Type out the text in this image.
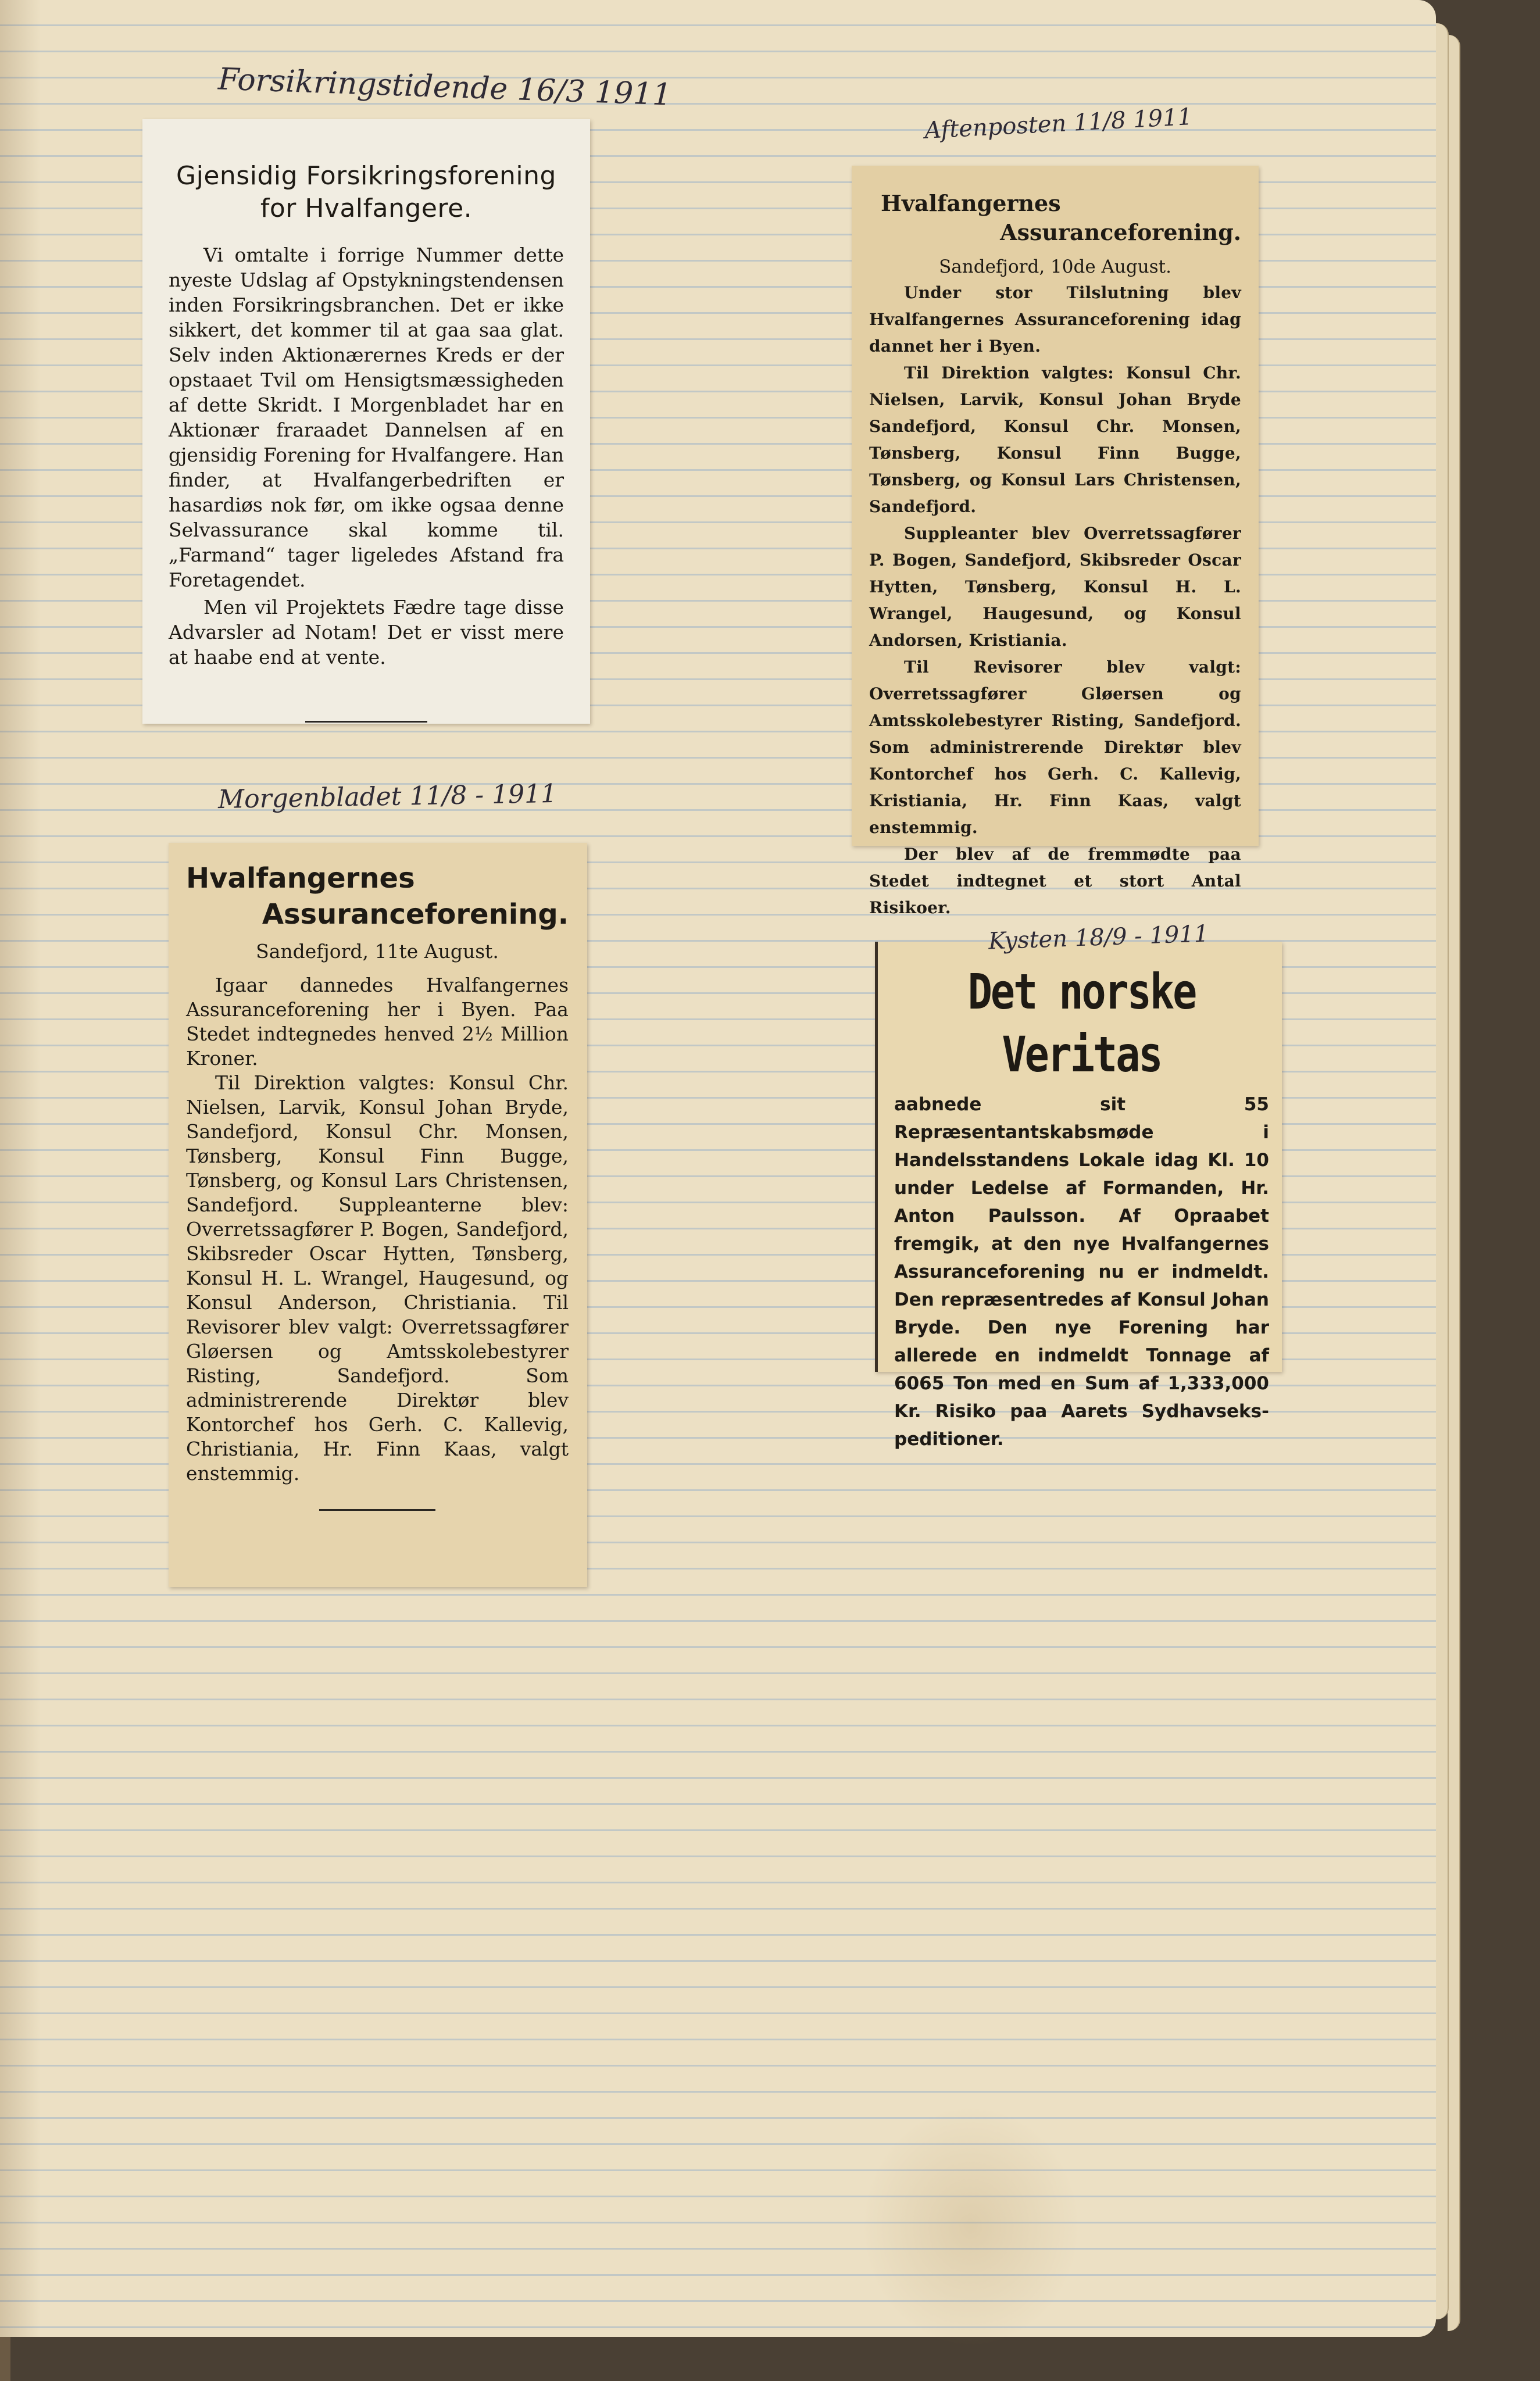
Forsikringstidende 16/3 1911
Aftenposten 11/8 1911
Morgenbladet 11/8 - 1911
Kysten 18/9 - 1911
Gjensidig Forsikringsforening
for Hvalfangere.

Vi omtalte i forrige Nummer dette nyeste Udslag af Opstykningstendensen inden Forsikringsbranchen. Det er ikke sikkert, det kommer til at gaa saa glat. Selv inden Aktionærernes Kreds er der opstaaet Tvil om Hensigtsmæssigheden af dette Skridt. I Morgenbladet har en Aktionær fraraadet Dannelsen af en gjensidig Forening for Hvalfangere. Han finder, at Hvalfangerbedriften er hasardiøs nok før, om ikke ogsaa denne Selvassurance skal komme til. „Farmand“ tager ligeledes Afstand fra Foretagendet.

Men vil Projektets Fædre tage disse Advarsler ad Notam! Det er visst mere at haabe end at vente.

Hvalfangernes
Assuranceforening.
Sandefjord, 10de August.

Under stor Tilslutning blev Hvalfangernes Assuranceforening idag dannet her i Byen.

Til Direktion valgtes: Konsul Chr. Nielsen, Larvik, Konsul Johan Bryde Sandefjord, Konsul Chr. Monsen, Tønsberg, Konsul Finn Bugge, Tønsberg, og Konsul Lars Christensen, Sandefjord.

Suppleanter blev Overretssagfører P. Bogen, Sandefjord, Skibsreder Oscar Hytten, Tønsberg, Konsul H. L. Wrangel, Haugesund, og Konsul Andorsen, Kristiania.

Til Revisorer blev valgt: Overretssagfører Gløersen og Amtsskolebestyrer Risting, Sandefjord. Som administrerende Direktør blev Kontorchef hos Gerh. C. Kallevig, Kristiania, Hr. Finn Kaas, valgt enstemmig.

Der blev af de fremmødte paa Stedet indtegnet et stort Antal Risikoer.

Hvalfangernes
Assuranceforening.
Sandefjord, 11te August.

Igaar dannedes Hvalfangernes Assuranceforening her i Byen. Paa Stedet indtegnedes henved 2½ Million Kroner.

Til Direktion valgtes: Konsul Chr. Nielsen, Larvik, Konsul Johan Bryde, Sandefjord, Konsul Chr. Monsen, Tønsberg, Konsul Finn Bugge, Tønsberg, og Konsul Lars Christensen, Sandefjord. Suppleanterne blev: Overretssagfører P. Bogen, Sandefjord, Skibsreder Oscar Hytten, Tønsberg, Konsul H. L. Wrangel, Haugesund, og Konsul Anderson, Christiania. Til Revisorer blev valgt: Overretssagfører Gløersen og Amtsskolebestyrer Risting, Sandefjord. Som administrerende Direktør blev Kontorchef hos Gerh. C. Kallevig, Christiania, Hr. Finn Kaas, valgt enstemmig.

Det norske Veritas

aabnede sit 55 Repræsentantskabsmøde i Handelsstandens Lokale idag Kl. 10 under Ledelse af Formanden, Hr. Anton Paulsson. Af Opraabet fremgik, at den nye Hvalfangernes Assuranceforening nu er indmeldt. Den repræsentredes af Konsul Johan Bryde. Den nye Forening har allerede en indmeldt Tonnage af 6065 Ton med en Sum af 1,333,000 Kr. Risiko paa Aarets Sydhavseks-peditioner.
